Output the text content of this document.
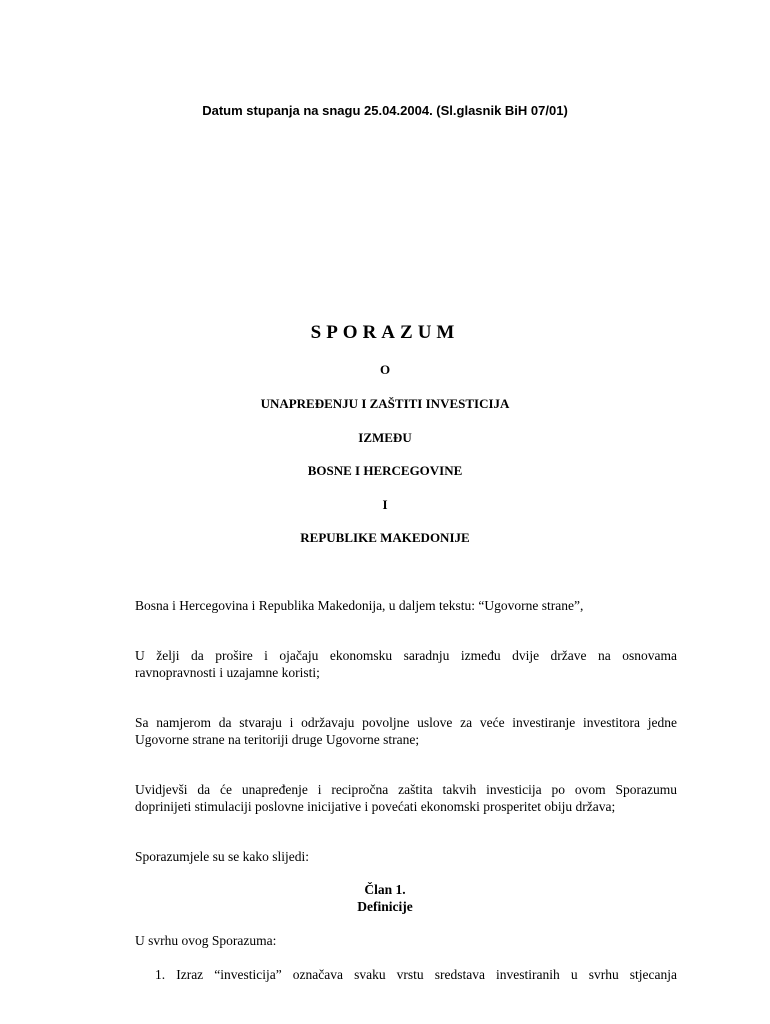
Datum stupanja na snagu 25.04.2004. (Sl.glasnik BiH 07/01)
SPORAZUM
O
UNAPREĐENJU I ZAŠTITI INVESTICIJA
IZMEĐU
BOSNE I HERCEGOVINE
I
REPUBLIKE MAKEDONIJE
Bosna i Hercegovina i Republika Makedonija, u daljem tekstu: “Ugovorne strane”,
U želji da prošire i ojačaju ekonomsku saradnju između dvije države na osnovama
ravnopravnosti i uzajamne koristi;
Sa namjerom da stvaraju i održavaju povoljne uslove za veće investiranje investitora jedne
Ugovorne strane na teritoriji druge Ugovorne strane;
Uvidjevši da će unapređenje i recipročna zaštita takvih investicija po ovom Sporazumu
doprinijeti stimulaciji poslovne inicijative i povećati ekonomski prosperitet obiju država;
Sporazumjele su se kako slijedi:
Član 1.
Definicije
U svrhu ovog Sporazuma:
1. Izraz “investicija” označava svaku vrstu sredstava investiranih u svrhu stjecanja
